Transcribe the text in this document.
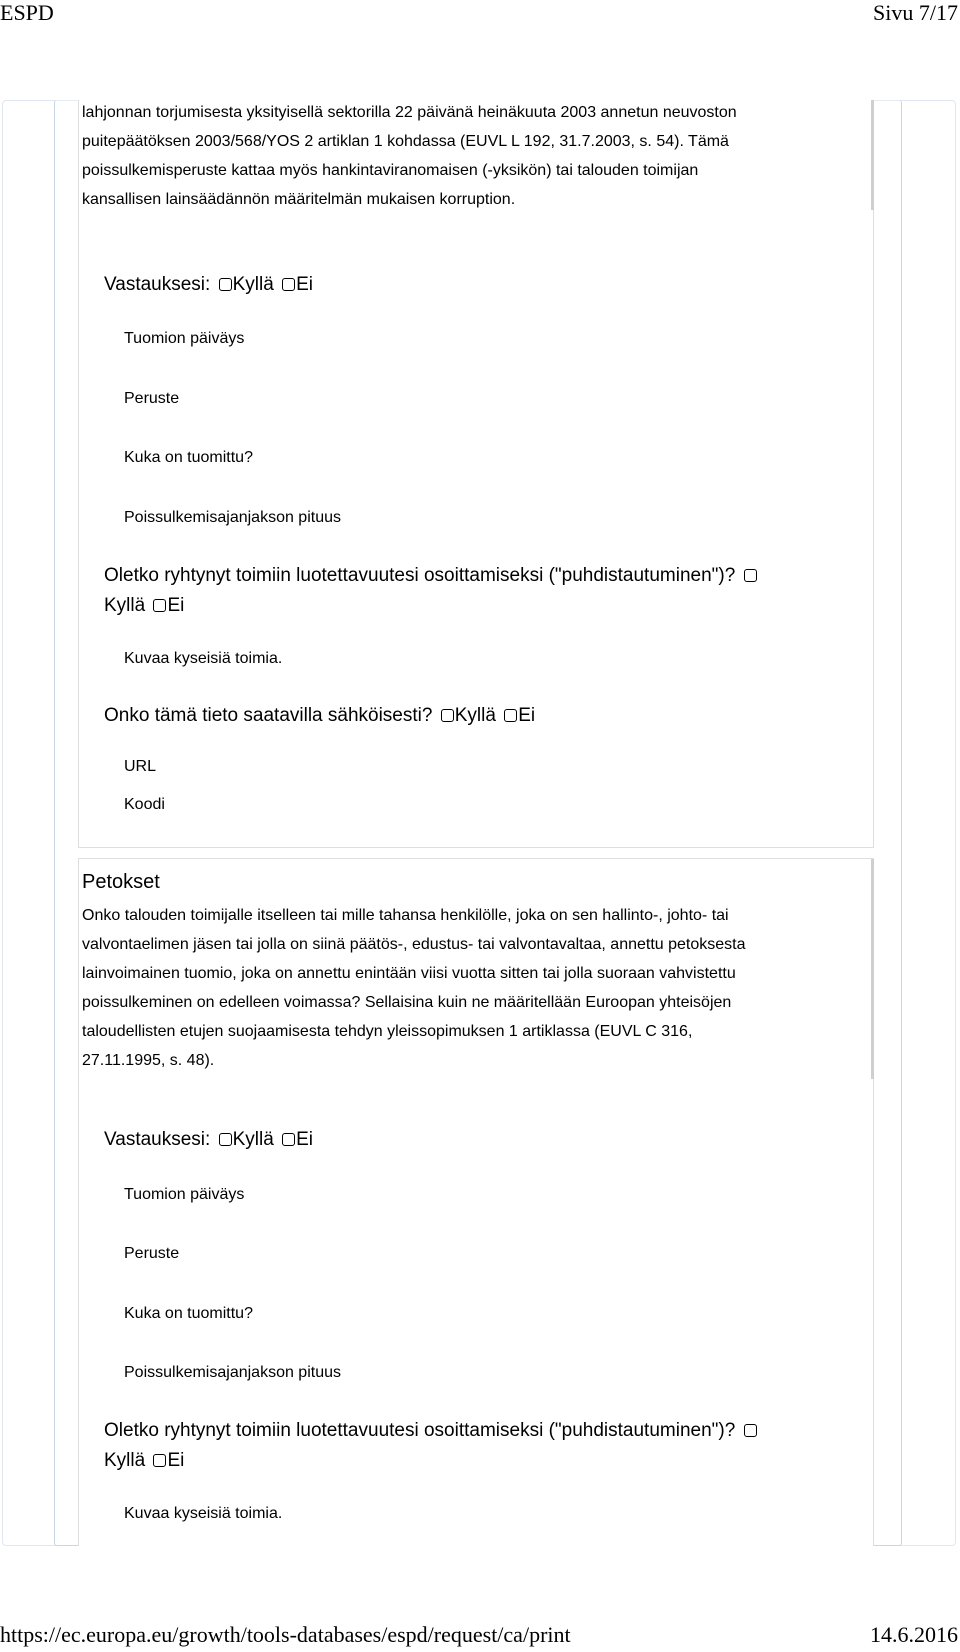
ESPD	Sivu 7/17
lahjonnan torjumisesta yksityisellä sektorilla 22 päivänä heinäkuuta 2003 annetun neuvoston
puitepäätöksen 2003/568/YOS 2 artiklan 1 kohdassa (EUVL L 192, 31.7.2003, s. 54). Tämä
poissulkemisperuste kattaa myös hankintaviranomaisen (-yksikön) tai talouden toimijan
kansallisen lainsäädännön määritelmän mukaisen korruption.
Vastauksesi: Kyllä Ei
Tuomion päiväys
Peruste
Kuka on tuomittu?
Poissulkemisajanjakson pituus
Oletko ryhtynyt toimiin luotettavuutesi osoittamiseksi ("puhdistautuminen")?
Kyllä Ei
Kuvaa kyseisiä toimia.
Onko tämä tieto saatavilla sähköisesti? Kyllä Ei
URL
Koodi
Petokset
Onko talouden toimijalle itselleen tai mille tahansa henkilölle, joka on sen hallinto-, johto- tai
valvontaelimen jäsen tai jolla on siinä päätös-, edustus- tai valvontavaltaa, annettu petoksesta
lainvoimainen tuomio, joka on annettu enintään viisi vuotta sitten tai jolla suoraan vahvistettu
poissulkeminen on edelleen voimassa? Sellaisina kuin ne määritellään Euroopan yhteisöjen
taloudellisten etujen suojaamisesta tehdyn yleissopimuksen 1 artiklassa (EUVL C 316,
27.11.1995, s. 48).
Vastauksesi: Kyllä Ei
Tuomion päiväys
Peruste
Kuka on tuomittu?
Poissulkemisajanjakson pituus
Oletko ryhtynyt toimiin luotettavuutesi osoittamiseksi ("puhdistautuminen")?
Kyllä Ei
Kuvaa kyseisiä toimia.
https://ec.europa.eu/growth/tools-databases/espd/request/ca/print	14.6.2016
